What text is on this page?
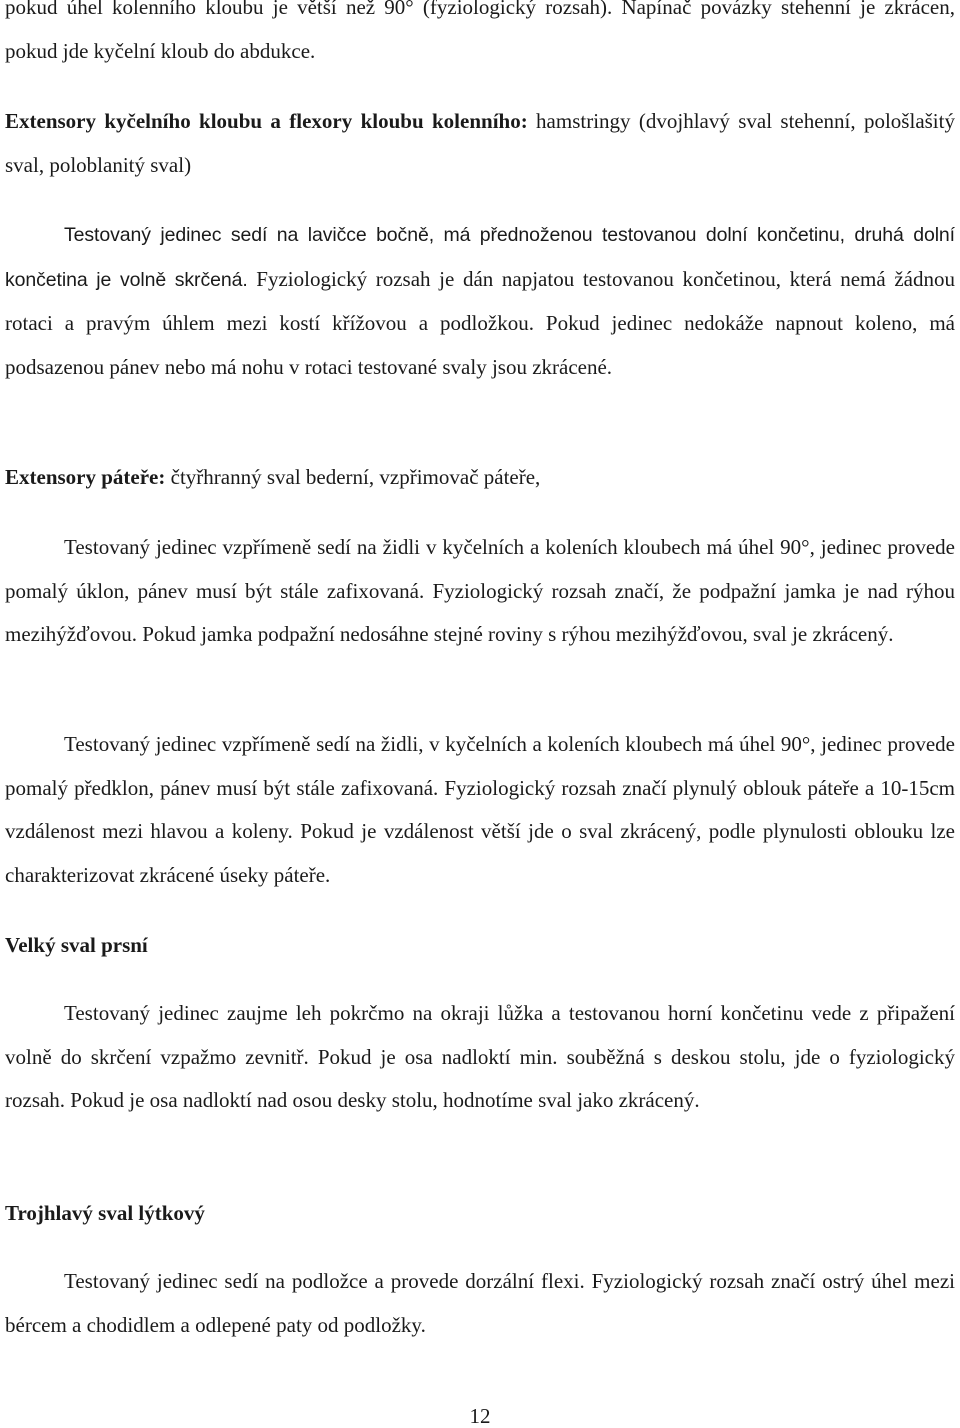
pokud úhel kolenního kloubu je větší než 90° (fyziologický rozsah). Napínač povázky stehenní je zkrácen, pokud jde kyčelní kloub do abdukce.

Extensory kyčelního kloubu a flexory kloubu kolenního: hamstringy (dvojhlavý sval stehenní, pološlašitý sval, poloblanitý sval)

Testovaný jedinec sedí na lavičce bočně, má přednoženou testovanou dolní končetinu, druhá dolní končetina je volně skrčená. Fyziologický rozsah je dán napjatou testovanou končetinou, která nemá žádnou rotaci a pravým úhlem mezi kostí křížovou a podložkou. Pokud jedinec nedokáže napnout koleno, má podsazenou pánev nebo má nohu v rotaci testované svaly jsou zkrácené.

Extensory páteře: čtyřhranný sval bederní, vzpřimovač páteře,

Testovaný jedinec vzpřímeně sedí na židli v kyčelních a koleních kloubech má úhel 90°, jedinec provede pomalý úklon, pánev musí být stále zafixovaná. Fyziologický rozsah značí, že podpažní jamka je nad rýhou mezihýžďovou. Pokud jamka podpažní nedosáhne stejné roviny s rýhou mezihýžďovou, sval je zkrácený.

Testovaný jedinec vzpřímeně sedí na židli, v kyčelních a koleních kloubech má úhel 90°, jedinec provede pomalý předklon, pánev musí být stále zafixovaná. Fyziologický rozsah značí plynulý oblouk páteře a 10-15cm vzdálenost mezi hlavou a koleny. Pokud je vzdálenost větší jde o sval zkrácený, podle plynulosti oblouku lze charakterizovat zkrácené úseky páteře.

Velký sval prsní

Testovaný jedinec zaujme leh pokrčmo na okraji lůžka a testovanou horní končetinu vede z připažení volně do skrčení vzpažmo zevnitř. Pokud je osa nadloktí min. souběžná s deskou stolu, jde o fyziologický rozsah. Pokud je osa nadloktí nad osou desky stolu, hodnotíme sval jako zkrácený.

Trojhlavý sval lýtkový

Testovaný jedinec sedí na podložce a provede dorzální flexi. Fyziologický rozsah značí ostrý úhel mezi bércem a chodidlem a odlepené paty od podložky.

12
